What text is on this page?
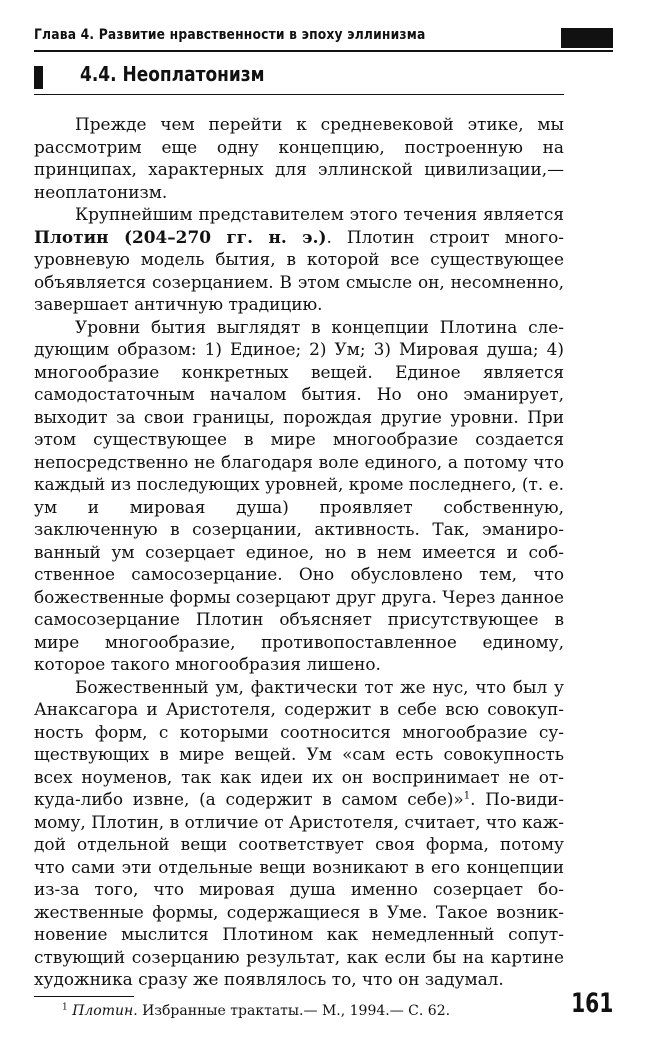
Глава 4. Развитие нравственности в эпоху эллинизма
4.4. Неоплатонизм

Прежде чем перейти к средневековой этике, мы рассмотрим еще одну концепцию, построенную на принципах, характерных для эллинской цивилизации,— неоплатонизм.

Крупнейшим представителем этого течения является Плотин (204–270 гг. н. э.). Плотин строит многоуровневую модель бытия, в которой все существующее объявляется созерцанием. В этом смысле он, несомненно, завершает античную традицию.

Уровни бытия выглядят в концепции Плотина следующим образом: 1) Единое; 2) Ум; 3) Мировая душа; 4) многообразие конкретных вещей. Единое является самодостаточным началом бытия. Но оно эманирует, выходит за свои границы, порождая другие уровни. При этом существующее в мире многообразие создается непосредственно не благодаря воле единого, а потому что каждый из последующих уровней, кроме последнего, (т. е. ум и мировая душа) проявляет собственную, заключенную в созерцании, активность. Так, эманированный ум созерцает единое, но в нем имеется и собственное самосозерцание. Оно обусловлено тем, что божественные формы созерцают друг друга. Через данное самосозерцание Плотин объясняет присутствующее в мире многообразие, противопоставленное единому, которое такого многообразия лишено.

Божественный ум, фактически тот же нус, что был у Анаксагора и Аристотеля, содержит в себе всю совокупность форм, с которыми соотносится многообразие существующих в мире вещей. Ум «сам есть совокупность всех ноуменов, так как идеи их он воспринимает не откуда-либо извне, (а содержит в самом себе)»$^1$. По-видимому, Плотин, в отличие от Аристотеля, считает, что каждой отдельной вещи соответствует своя форма, потому что сами эти отдельные вещи возникают в его концепции из-за того, что мировая душа именно созерцает божественные формы, содержащиеся в Уме. Такое возникновение мыслится Плотином как немедленный сопутствующий созерцанию результат, как если бы на картине художника сразу же появлялось то, что он задумал.

$^1$ Плотин. Избранные трактаты.— М., 1994.— С. 62.	161
